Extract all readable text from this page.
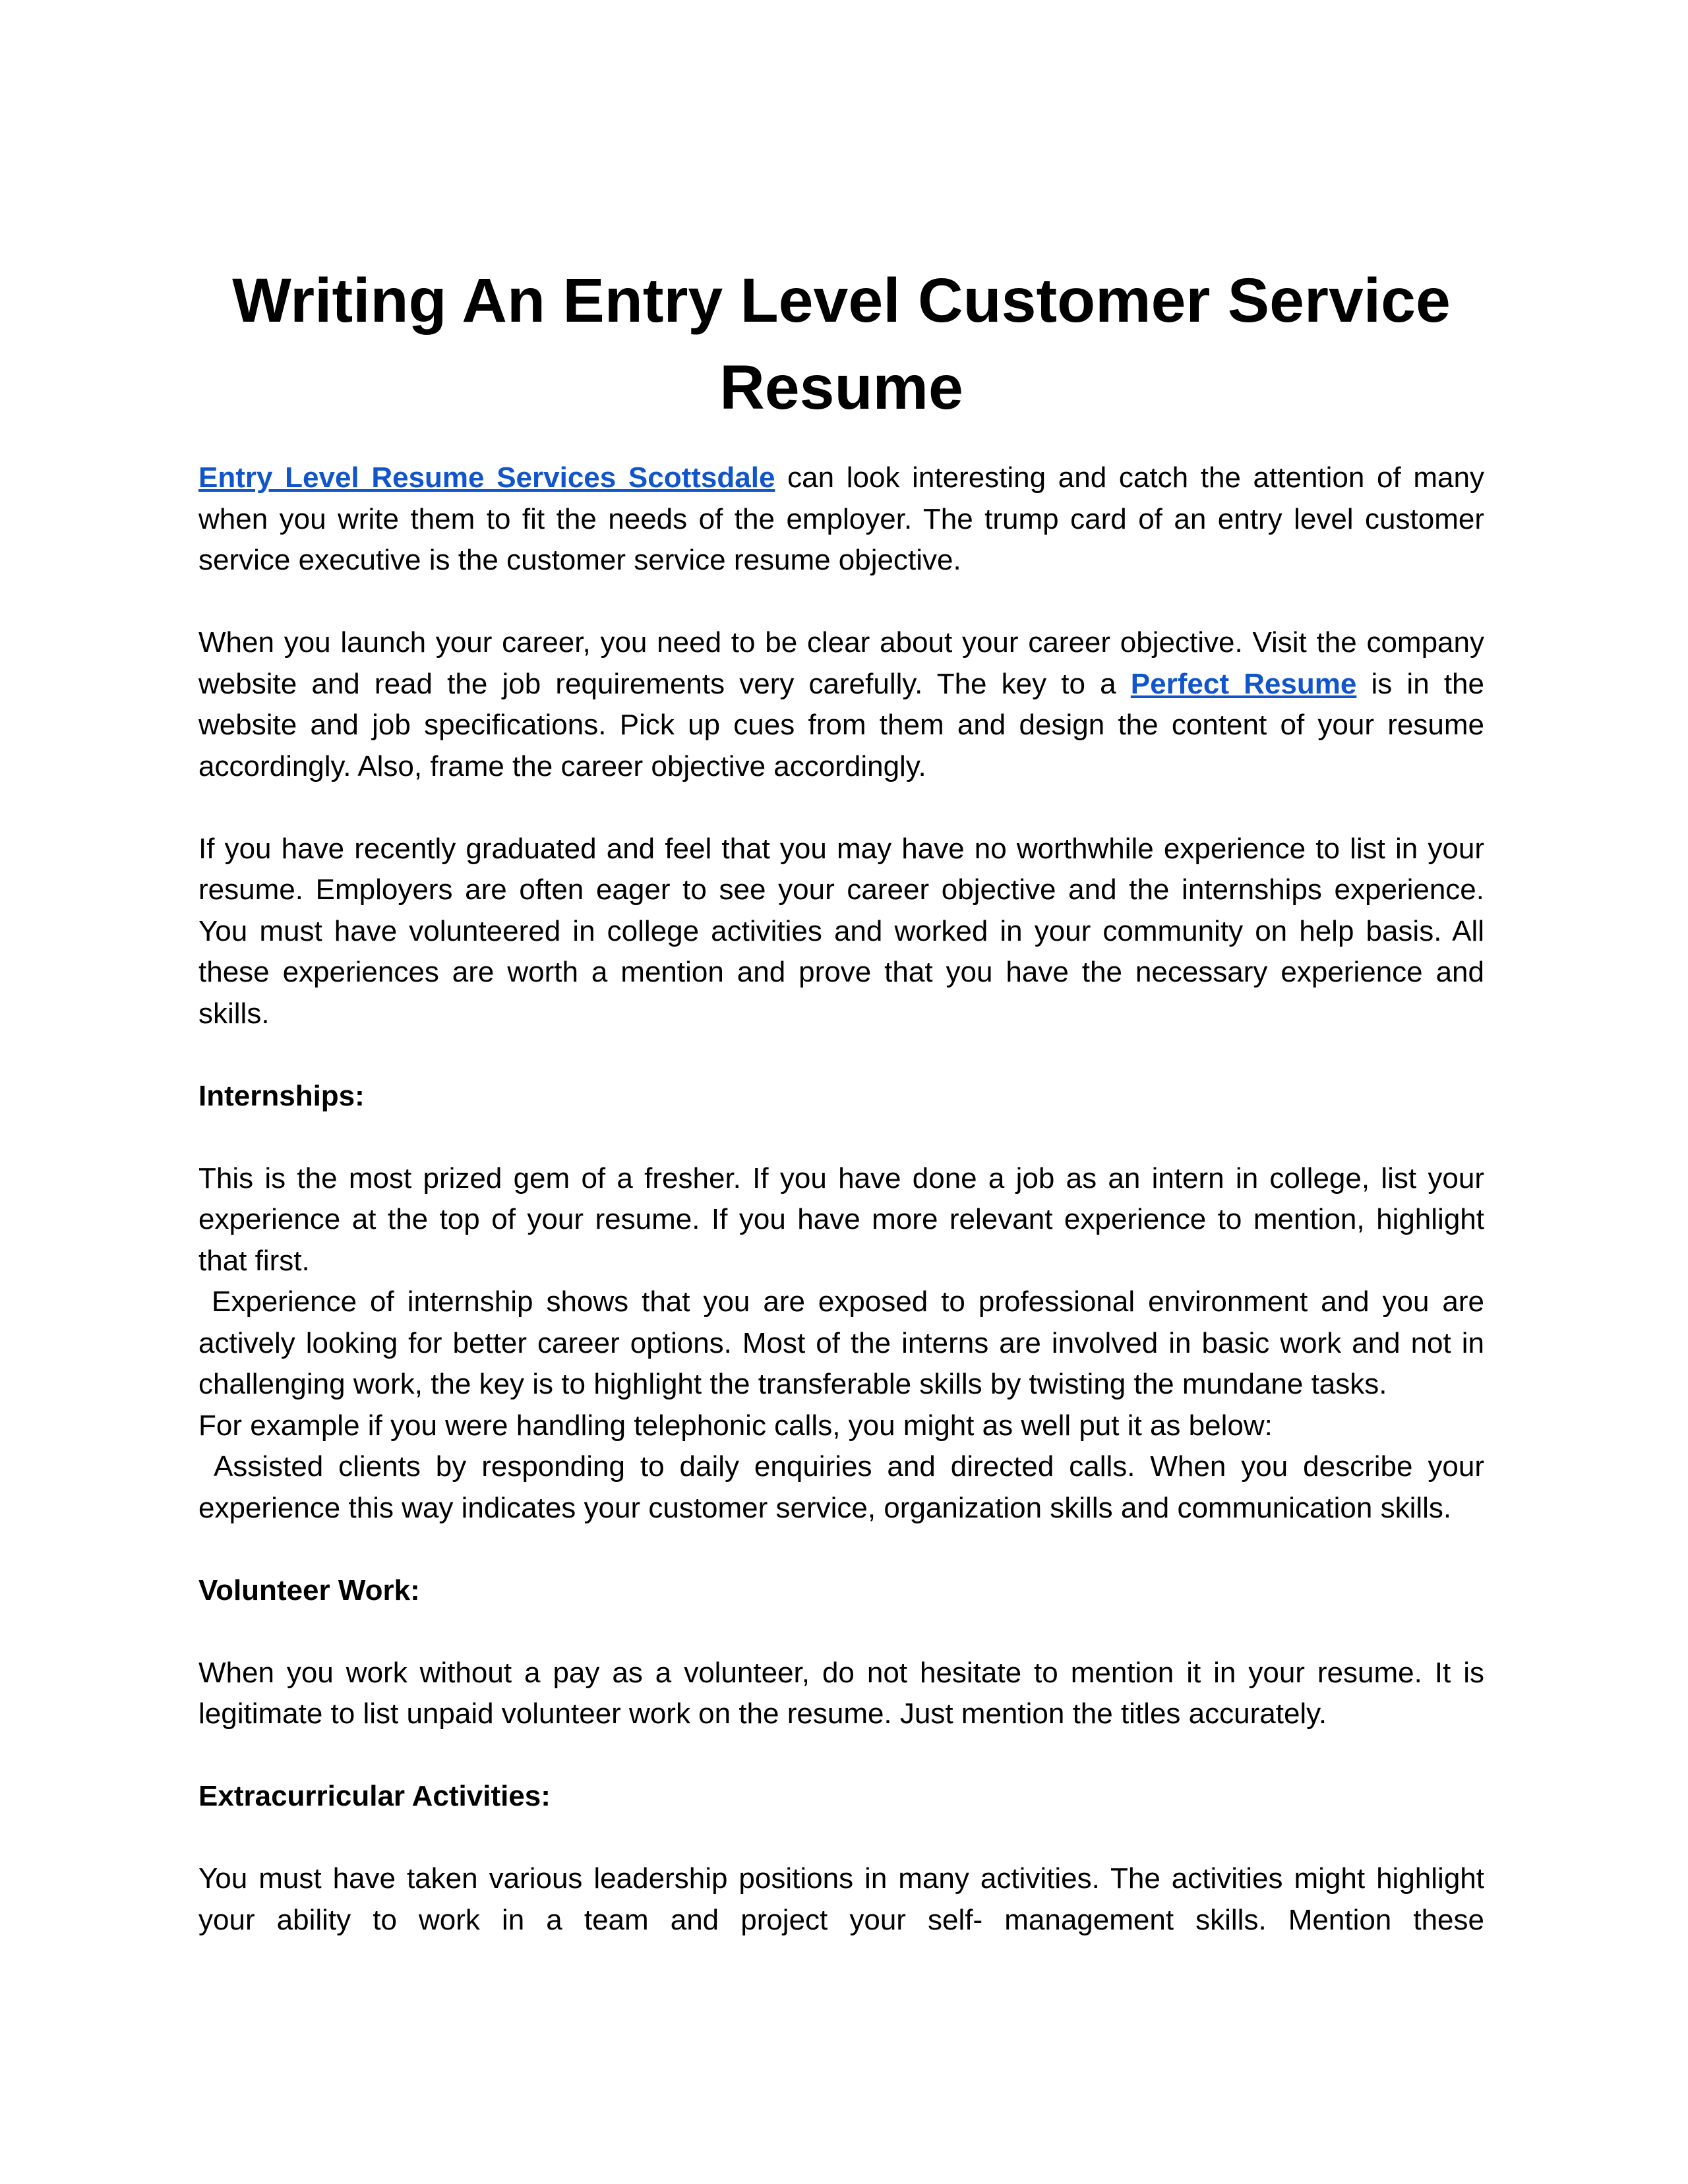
Writing An Entry Level Customer Service Resume

Entry Level Resume Services Scottsdale can look interesting and catch the attention of many when you write them to fit the needs of the employer. The trump card of an entry level customer service executive is the customer service resume objective.

When you launch your career, you need to be clear about your career objective. Visit the company website and read the job requirements very carefully. The key to a Perfect Resume is in the website and job specifications. Pick up cues from them and design the content of your resume accordingly. Also, frame the career objective accordingly.

If you have recently graduated and feel that you may have no worthwhile experience to list in your resume. Employers are often eager to see your career objective and the internships experience. You must have volunteered in college activities and worked in your community on help basis. All these experiences are worth a mention and prove that you have the necessary experience and skills.

Internships:

This is the most prized gem of a fresher. If you have done a job as an intern in college, list your experience at the top of your resume. If you have more relevant experience to mention, highlight that first.

Experience of internship shows that you are exposed to professional environment and you are actively looking for better career options. Most of the interns are involved in basic work and not in challenging work, the key is to highlight the transferable skills by twisting the mundane tasks.

For example if you were handling telephonic calls, you might as well put it as below:

Assisted clients by responding to daily enquiries and directed calls. When you describe your experience this way indicates your customer service, organization skills and communication skills.

Volunteer Work:

When you work without a pay as a volunteer, do not hesitate to mention it in your resume. It is legitimate to list unpaid volunteer work on the resume. Just mention the titles accurately.

Extracurricular Activities:

You must have taken various leadership positions in many activities. The activities might highlight your ability to work in a team and project your self- management skills. Mention these
